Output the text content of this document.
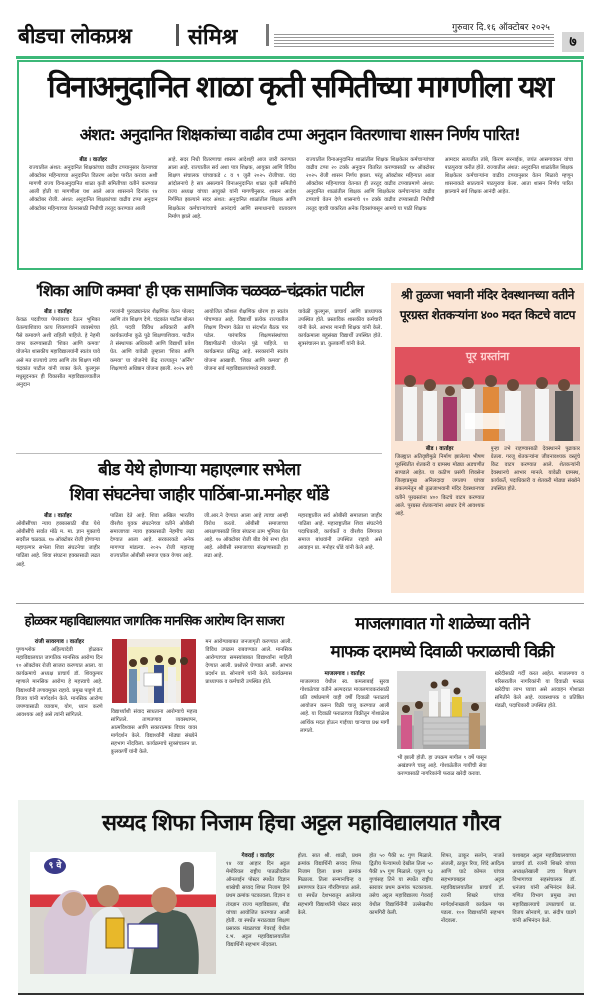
बीडचा लोकप्रश्न	संमिश्र	गुरुवार दि.१६ ऑक्टोबर २०२५
७
विनाअनुदानित शाळा कृती समितीच्या मागणीला यश
अंशत: अनुदानित शिक्षकांच्या वाढीव टप्पा अनुदान वितरणाचा शासन निर्णय पारित!
बीड । वार्ताहर
राज्यातील अंशत: अनुदानित शिक्षकांच्या वाढीव टप्प्यानुसार वेतनाच्या ऑक्टोबर महिन्याच्या अनुदानित वितरण आदेश पारीत करावा अशी मागणी राज्य विनाअनुदानित शाळा कृती समितीच्या वतीने करण्यात आली होती या मागणीला यश आले आज शासनाने दिनांक १४ ऑक्टोबर रोजी. अंशत: अनुदानित शिक्षकांच्या वाढीव टप्पा अनुदान ऑक्टोबर महिन्याच्या वेतनासाठी निधीची तरतूद करण्यात आली
आहे. सदर निधी वितरणाचा शासन आदेशही आज जारी करण्यात आला आहे. राज्यातील सर्व अशा पात्र शिक्षक, आयुक्त आणि विविध शिक्षण संचालक यांच्याकडे ८ व ९ जुलै २०२५ रोजीच्या. यंदा आंदोलनाचे हे सत्र असल्याने विनाअनुदानित शाळा कृती समितीचे राज्य अध्यक्ष यांच्या आयुक्ते यांनी मागणीनुसार. शासन आदेश निर्गमित झाल्याने सदर अंशत: अनुदानित शाळांतील शिक्षक आणि शिक्षकेतर कर्मचाऱ्यांच्याचे आनंदाचे आणि समाधानाचे वातावरण निर्माण झाले आहे.
राज्यातील विनाअनुदानित शाळांतील शिक्षक शिक्षकेतर कर्मचाऱ्यांच्या वाढीव टप्पा २० टक्के अनुदान वितरित करण्यासाठी १४ ऑक्टोबर २०२५ रोजी शासन निर्णय झाला. परंतु ऑक्टोबर महिन्यात आता ऑक्टोबर महिन्याच्या वेतनात ही तरतूद वाढीव टप्प्याप्रमाणे अंशत: अनुदानित शाळांतील शिक्षक आणि शिक्षकेतर कर्मचाऱ्यांना वाढीव टप्प्याचे वेतन देणे शासनाचे १० टक्के वाढीव टप्प्यासाठी निधीची तरतूद व्हावी याकरिता अनेक दिवसांपासून आमचे या पाठी शिक्षक
आमदार सत्यजीत तांबे, किरण सरनाईक, जयंत आसगावकर यांचा पाठपुरावा करीत होते. राज्यातील अंशत: अनुदानित शाळांतील शिक्षक शिक्षकेतर कर्मचाऱ्यांना वाढीव टप्प्यानुसार वेतन मिळावे म्हणून शासनाकडे सातत्याने पाठपुरावा केला. आता शासन निर्णय पारित झाल्याने सर्व शिक्षक आनंदी आहेत.
'शिका आणि कमवा' ही एक सामाजिक चळवळ–चंद्रकांत पाटील
बीड । वार्ताहर
केवळ पदवीच्या पेपरांवरच देऊन भूमिका घेतल्याशिवाय काय शिकणार्याने व्यवस्थेच्या पैसे कमावणे अशी राहिली पाहिजे. हे नेहमी वापर करण्यासाठी 'शिका आणि कमवा' योजनेत शासकीय महाविद्यालयांनी स्वतंत्र यावे असे मत राज्याचे उच्च आणि तंत्र शिक्षण मंत्री चंद्रकांत पाटील यांनी व्यक्त केले. कुलगुरू मधुसूदनकर ही विकासीत महाविद्यालयातील अनुदान
गरजांनी पुरवठ्यानंतर शैक्षणिक वेतन पोलाद आणि तंत्र शिक्षण देणे. चंद्रकांत पाटील बोलत होते. पदवी विविध अधिकारी आणि कार्यकर्त्यांना कुठे पुढे शिक्षणाशिवाय. पाटील ते संस्थापक अधिकारी आणि विद्यार्थी प्रवेश घेत. आणि यावेळी तुम्हाला 'शिका आणि कमवा' या योजनेचे केंद्र राज्यातून 'अर्निंग' शिक्षणाचे अधिष्ठान योजना झाली. २०२५ सचे
आयोजित कौशल शैक्षणिक धोरण हा स्वतंत्र पोचण्यात आहे. विद्यार्थी प्रत्येक राज्यातील शिक्षण विभाग वेळेत या संदर्भात बैठक पार पडेल. पारंपारिक शिक्षणसंस्थांच्या विद्यापीठांनी योजनेत पुढे पाहिजे. या कार्यक्रमात प्रसिद्ध आहे. सरकारांनी स्वतंत्र योजना आखावी. 'शिका आणि कमवा' ही योजना सर्व महाविद्यालयांमध्ये राबवावी.
यावेळी कुलगुरू, प्राचार्य आणि प्राध्यापक उपस्थित होते. प्रस्ताविक शासकीय कर्मचारी यांनी केले. आभार मानवी शिक्षक यांनी केले. कार्यक्रमाला बहुसंख्य विद्यार्थी उपस्थित होते. सूत्रसंचालन प्रा. कुलकर्णी यांनी केले.
श्री तुळजा भवानी मंदिर देवस्थानच्या वतीने पूरग्रस्त शेतकऱ्यांना ४०० मदत किटचे वाटप
पूर ग्रस्तांना
बीड । वार्ताहर
जिल्ह्यात अतिवृष्टीमुळे निर्माण झालेल्या भीषण पूरस्थितीत शेतकरी व ग्रामस्थ मोठ्या अडचणीत सापडले आहेत. या कठीण प्रसंगी शिवसेना जिल्हाप्रमुख अनिलदादा जगताप यांच्या संकल्पनेतून श्री तुळजाभवानी मंदिर देवस्थानच्या वतीने पूरग्रस्तांना ४०० किटचे वाटप करण्यात आले. पूरग्रस्त शेतकऱ्यांना आधार देणे आवश्यक आहे.
पुन्हा उभे राहण्यासाठी देवस्थानने पुढाकार घेतला. गरजू शेतकऱ्यांना जीवनावश्यक वस्तूंचे किट वाटप करण्यात आले. शेतकऱ्यांनी देवस्थानचे आभार मानले. यावेळी ग्रामस्थ, कार्यकर्ते, पदाधिकारी व शेतकरी मोठ्या संख्येने उपस्थित होते.
बीड येथे होणाऱ्या महाएल्गार सभेला
शिवा संघटनेचा जाहीर पाठिंबा-प्रा.मनोहर धोंडे
बीड । वार्ताहर
ओबीसींच्या न्याय हक्कासाठी बीड येथे ओबीसींचे सर्वात मोठे म. मा. ज्ञान मुक्ताचे सदरील चळवळ. १७ ऑक्टोबर रोजी होणाऱ्या महाएल्गार सभेला शिवा संघटनेचा जाहीर पाठिंबा आहे. शिवा संघटना हक्कासाठी लढत आहे.
पाठिंबा देते आहे. शिवा अखिल भारतीय वीरशैव युवक संघटनेच्या वतीने ओबीसी समाजाच्या न्याय हक्कासाठी नेहमीच लढा देण्यात आला आहे. सरकारकडे अनेक मागण्या मांडल्या. २०२५ रोजी महाराष्ट्र राज्यातील ओबीसी समाज एकत्र येणार आहे.
जी.आर.ने देण्यात आला आहे त्याचा आम्ही विरोध करतो. ओबीसी समाजाच्या आरक्षणासाठी शिवा संघटना ठाम भूमिका घेत आहे. १७ ऑक्टोबर रोजी बीड येथे सभा होत आहे. ओबीसी समाजाच्या संरक्षणासाठी हा लढा आहे.
महाराष्ट्रातील सर्व ओबीसी समाजाला जाहीर पाठिंबा आहे. महाराष्ट्रातील शिवा संघटनेचे पदाधिकारी, कार्यकर्ते व वीरशैव लिंगायत समाज बांधवांनी उपस्थित राहावे असे आवाहन प्रा. मनोहर धोंडे यांनी केले आहे.
होळकर महाविद्यालयात जागतिक मानसिक आरोग्य दिन साजरा
रांजी सावरगाव । वार्ताहर
पुण्यश्लोक अहिल्यादेवी होळकर महाविद्यालयात जागतिक मानसिक आरोग्य दिन १० ऑक्टोबर रोजी साजरा करण्यात आला. या कार्यक्रमाचे अध्यक्ष प्राचार्य डॉ. शिवकुमार म्हणाले मानसिक आरोग्य हे महत्त्वाचे आहे. विद्यार्थ्यांनी तणावमुक्त राहावे. प्रमुख पाहुणे डॉ. विजय यांनी मार्गदर्शन केले. मानसिक आरोग्य जपण्यासाठी व्यायाम, योग, ध्यान करणे आवश्यक आहे असे त्यांनी सांगितले.	विद्यार्थ्यांशी संवाद साधताना आरोग्याचे महत्त्व सांगितले. ताणतणाव व्यवस्थापन, आत्मविश्वास आणि सकारात्मक विचार यावर मार्गदर्शन केले. विद्यार्थ्यांनी मोठ्या संख्येने सहभाग नोंदविला. कार्यक्रमाचे सूत्रसंचालन प्रा. कुलकर्णी यांनी केले.
मन आरोग्याबाबत जनजागृती करण्यात आली. विविध उपक्रम राबवण्यात आले. मानसिक आरोग्याच्या समस्यांबाबत विद्यार्थ्यांना माहिती देण्यात आली. प्रश्नोत्तरे घेण्यात आली. आभार प्रदर्शन प्रा. सोनवणे यांनी केले. कार्यक्रमास प्राध्यापक व कर्मचारी उपस्थित होते.
माजलगावात गो शाळेच्या वतीने
माफक दरामध्ये दिवाळी फराळाची विक्री
माजलगाव । वार्ताहर
माजलगाव येथील स्व. कमलाबाई सुरवा गोशाळेच्या वतीने अल्पदरात माजलगावकरांसाठी प्रति वर्षाप्रमाणे याही वर्षी दिवाळी फराळाचे आयोजन करून विक्री चालू करण्यात आली आहे. या दिवाळी फराळाच्या विक्रीतून गोशाळेला आर्थिक मदत होऊन गाईंच्या चाऱ्याचा प्रश्न मार्गी लागतो.
भी झाली होती. हा उपक्रम मागील ९ वर्षे पासून अखंडपणे चालू आहे. गोशाळेतील गायींची सेवा करण्यासाठी नागरिकांनी फराळ खरेदी करावा.
खरेदीसाठी गर्दी करत आहेत. माजलगाव व परिसरातील नागरिकांनी या दिवाळी फराळ खरेदीचा लाभ घ्यावा असे आवाहन गोशाळा समितीने केले आहे. व्यवस्थापक व प्रतिष्ठित मंडळी, पदाधिकारी उपस्थित होते.
सय्यद शिफा निजाम हिचा अट्टल महाविद्यालयात गौरव
९ वे
गेवराई । वार्ताहर
१४ व्या आहार दिन अट्टल मेमोरियल राष्ट्रीय पातळीवरील ऑनलाईन पोस्टर स्पर्धेत विज्ञान शाखेची सय्यद शिफा निजाम हिने प्रथम क्रमांक पटकावला. विज्ञान व तंत्रज्ञान राज्य महाविद्यालय, बीड यांच्या आयोजित करण्यात आली होती. या स्पर्धेत मराठवाडा शिक्षण प्रसारक मंडळाच्या गेवराई येथील र.भ. अट्टल महाविद्यालयातील विद्यार्थिनी सहभाग नोंदवला.
होता. सात श्री. शाळी, प्रथम क्रमांक विद्यार्थिनी सय्यद शिफा निजाम हिला प्रथम क्रमांक मिळाला. तिला सन्मानचिन्ह व प्रमाणपत्र देऊन गौरविण्यात आले. या स्पर्धेत देशभरातून आलेल्या सहभागी विद्यार्थ्यांनी पोस्टर सादर केले.
होत ५० पैकी ४८ गुण मिळाले. द्वितीय फेऱ्यामध्ये देखील तिला ५० पैकी ४५ गुण मिळाले. एकूण ९३ गुणांसह तिने या स्पर्धेत राष्ट्रीय स्तरावर प्रथम क्रमांक पटकावला. तसेच अट्टल महाविद्यालय गेवराई येथील विद्यार्थिनींनी उल्लेखनीय कामगिरी केली.
शिफा, ठाकूर सलोन, नाजते अंजली, ठाकूर रिया, शिंदे आदित्य आणि घाटे कोमल यांच्या सहभागाबद्दल अट्टल महाविद्यालयातील प्राचार्य डॉ. रजनी शिखरे यांच्या मार्गदर्शनाखाली कार्यक्रम पार पडला. १०० विद्यार्थ्यांनी सहभाग नोंदवला.
यशाबद्दल अट्टल महाविद्यालयाच्या प्राचार्य डॉ. रजनी शिखरे यांच्या अध्यक्षतेखाली उच्च शिक्षण विभागाच्या सहसंचालक डॉ. धनंजय यांनी अभिनंदन केले. गणित विभाग प्रमुख तथा महाविद्यालयाचे उपप्राचार्य प्रा. विजय सोनवणे, प्रा. संदीप घाडगे यांनी अभिनंदन केले.
